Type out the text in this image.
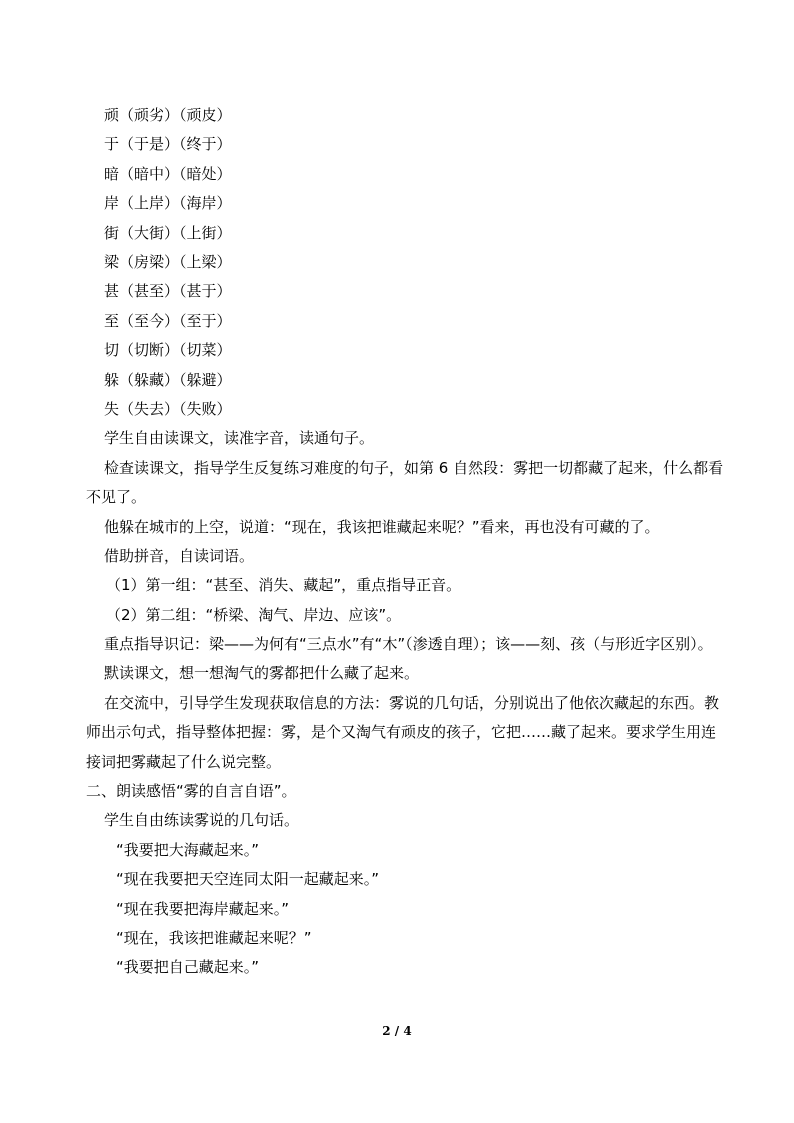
顽（顽劣）（顽皮）
于（于是）（终于）
暗（暗中）（暗处）
岸（上岸）（海岸）
街（大街）（上街）
梁（房梁）（上梁）
甚（甚至）（甚于）
至（至今）（至于）
切（切断）（切菜）
躲（躲藏）（躲避）
失（失去）（失败）
学生自由读课文，读准字音，读通句子。

检查读课文，指导学生反复练习难度的句子，如第 6 自然段：雾把一切都藏了起来，什么都看不见了。

他躲在城市的上空，说道：“现在，我该把谁藏起来呢？”看来，再也没有可藏的了。
借助拼音，自读词语。
（1）第一组：“甚至、消失、藏起”，重点指导正音。
（2）第二组：“桥梁、淘气、岸边、应该”。

重点指导识记：梁——为何有“三点水”有“木”（渗透自理）；该——刻、孩（与形近字区别）。

默读课文，想一想淘气的雾都把什么藏了起来。

在交流中，引导学生发现获取信息的方法：雾说的几句话，分别说出了他依次藏起的东西。教师出示句式，指导整体把握：雾，是个又淘气有顽皮的孩子，它把……藏了起来。要求学生用连接词把雾藏起了什么说完整。

二、朗读感悟“雾的自言自语”。
学生自由练读雾说的几句话。
“我要把大海藏起来。”
“现在我要把天空连同太阳一起藏起来。”
“现在我要把海岸藏起来。”
“现在，我该把谁藏起来呢？”
“我要把自己藏起来。”
2 / 4
